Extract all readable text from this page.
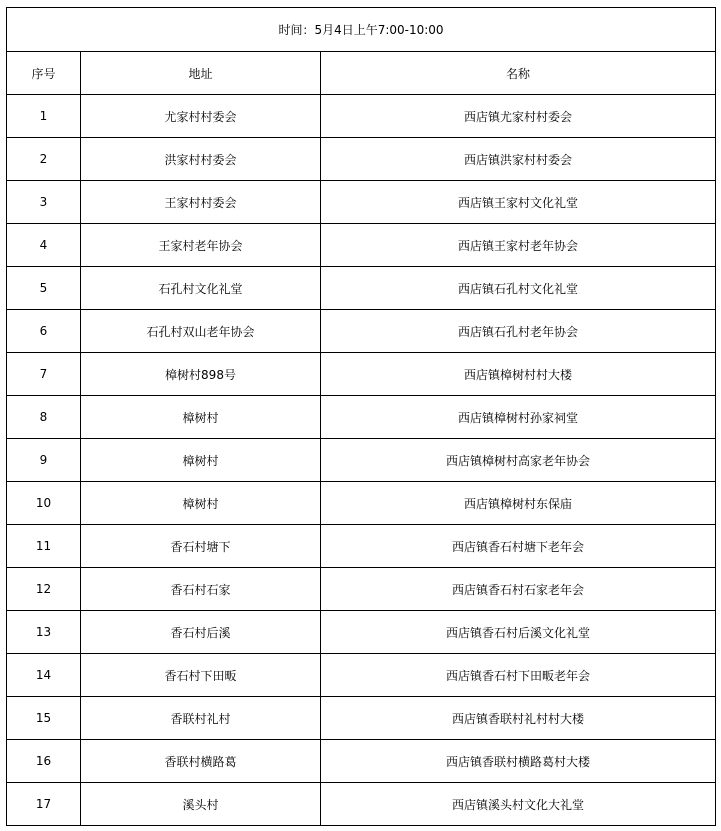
时间：5月4日上午7:00-10:00		
序号	地址	名称
1	尤家村村委会	西店镇尤家村村委会
2	洪家村村委会	西店镇洪家村村委会
3	王家村村委会	西店镇王家村文化礼堂
4	王家村老年协会	西店镇王家村老年协会
5	石孔村文化礼堂	西店镇石孔村文化礼堂
6	石孔村双山老年协会	西店镇石孔村老年协会
7	樟树村898号	西店镇樟树村村大楼
8	樟树村	西店镇樟树村孙家祠堂
9	樟树村	西店镇樟树村高家老年协会
10	樟树村	西店镇樟树村东保庙
11	香石村塘下	西店镇香石村塘下老年会
12	香石村石家	西店镇香石村石家老年会
13	香石村后溪	西店镇香石村后溪文化礼堂
14	香石村下田畈	西店镇香石村下田畈老年会
15	香联村礼村	西店镇香联村礼村村大楼
16	香联村横路葛	西店镇香联村横路葛村大楼
17	溪头村	西店镇溪头村文化大礼堂
